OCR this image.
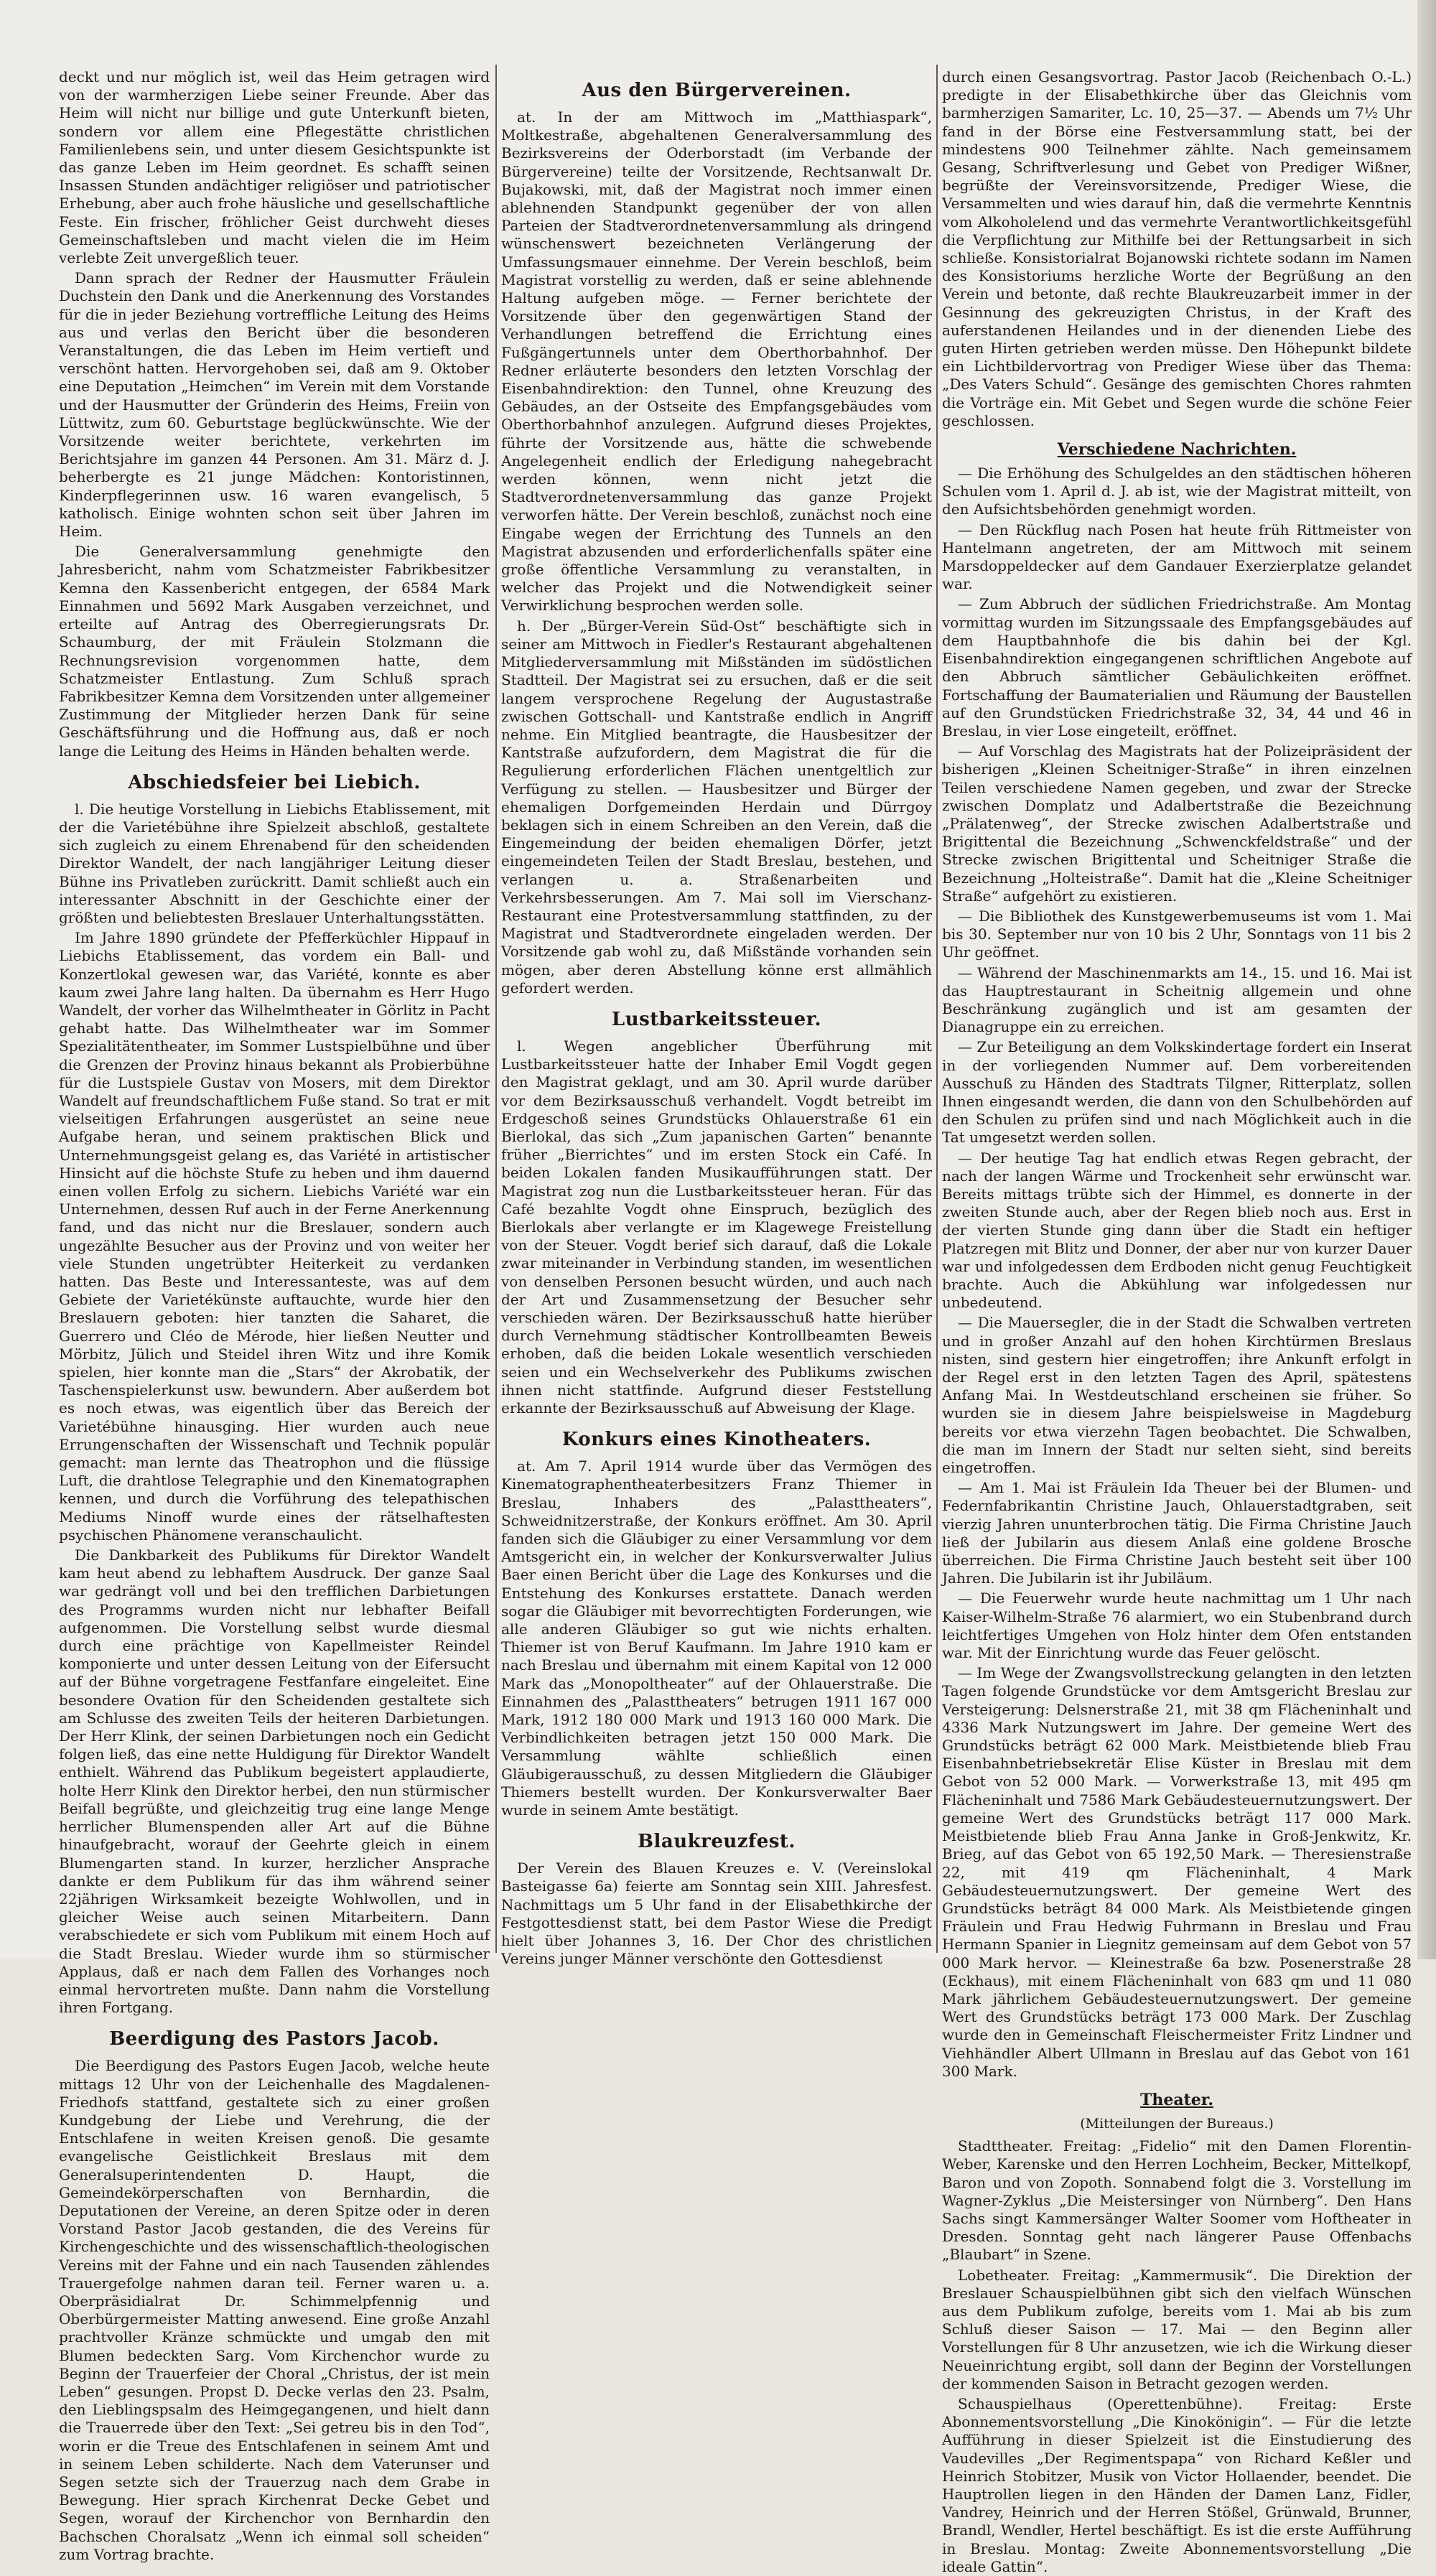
deckt und nur möglich ist, weil das Heim getragen wird von der warmherzigen Liebe seiner Freunde. Aber das Heim will nicht nur billige und gute Unterkunft bieten, sondern vor allem eine Pflegestätte christlichen Familienlebens sein, und unter diesem Gesichtspunkte ist das ganze Leben im Heim geordnet. Es schafft seinen Insassen Stunden andächtiger religiöser und patriotischer Erhebung, aber auch frohe häusliche und gesellschaftliche Feste. Ein frischer, fröhlicher Geist durchweht dieses Gemeinschaftsleben und macht vielen die im Heim verlebte Zeit unvergeßlich teuer.

Dann sprach der Redner der Hausmutter Fräulein Duchstein den Dank und die Anerkennung des Vorstandes für die in jeder Beziehung vortreffliche Leitung des Heims aus und verlas den Bericht über die besonderen Veranstaltungen, die das Leben im Heim vertieft und verschönt hatten. Hervorgehoben sei, daß am 9. Oktober eine Deputation „Heimchen“ im Verein mit dem Vorstande und der Hausmutter der Gründerin des Heims, Freiin von Lüttwitz, zum 60. Geburtstage beglückwünschte. Wie der Vorsitzende weiter berichtete, verkehrten im Berichtsjahre im ganzen 44 Personen. Am 31. März d. J. beherbergte es 21 junge Mädchen: Kontoristinnen, Kinderpflegerinnen usw. 16 waren evangelisch, 5 katholisch. Einige wohnten schon seit über Jahren im Heim.

Die Generalversammlung genehmigte den Jahresbericht, nahm vom Schatzmeister Fabrikbesitzer Kemna den Kassenbericht entgegen, der 6584 Mark Einnahmen und 5692 Mark Ausgaben verzeichnet, und erteilte auf Antrag des Oberregierungsrats Dr. Schaumburg, der mit Fräulein Stolzmann die Rechnungsrevision vorgenommen hatte, dem Schatzmeister Entlastung. Zum Schluß sprach Fabrikbesitzer Kemna dem Vorsitzenden unter allgemeiner Zustimmung der Mitglieder herzen Dank für seine Geschäftsführung und die Hoffnung aus, daß er noch lange die Leitung des Heims in Händen behalten werde.

Abschiedsfeier bei Liebich.

l. Die heutige Vorstellung in Liebichs Etablissement, mit der die Varietébühne ihre Spielzeit abschloß, gestaltete sich zugleich zu einem Ehrenabend für den scheidenden Direktor Wandelt, der nach langjähriger Leitung dieser Bühne ins Privatleben zurückritt. Damit schließt auch ein interessanter Abschnitt in der Geschichte einer der größten und beliebtesten Breslauer Unterhaltungsstätten.

Im Jahre 1890 gründete der Pfefferküchler Hippauf in Liebichs Etablissement, das vordem ein Ball- und Konzertlokal gewesen war, das Variété, konnte es aber kaum zwei Jahre lang halten. Da übernahm es Herr Hugo Wandelt, der vorher das Wilhelmtheater in Görlitz in Pacht gehabt hatte. Das Wilhelmtheater war im Sommer Spezialitätentheater, im Sommer Lustspielbühne und über die Grenzen der Provinz hinaus bekannt als Probierbühne für die Lustspiele Gustav von Mosers, mit dem Direktor Wandelt auf freundschaftlichem Fuße stand. So trat er mit vielseitigen Erfahrungen ausgerüstet an seine neue Aufgabe heran, und seinem praktischen Blick und Unternehmungsgeist gelang es, das Variété in artistischer Hinsicht auf die höchste Stufe zu heben und ihm dauernd einen vollen Erfolg zu sichern. Liebichs Variété war ein Unternehmen, dessen Ruf auch in der Ferne Anerkennung fand, und das nicht nur die Breslauer, sondern auch ungezählte Besucher aus der Provinz und von weiter her viele Stunden ungetrübter Heiterkeit zu verdanken hatten. Das Beste und Interessanteste, was auf dem Gebiete der Varietékünste auftauchte, wurde hier den Breslauern geboten: hier tanzten die Saharet, die Guerrero und Cléo de Mérode, hier ließen Neutter und Mörbitz, Jülich und Steidel ihren Witz und ihre Komik spielen, hier konnte man die „Stars“ der Akrobatik, der Taschenspielerkunst usw. bewundern. Aber außerdem bot es noch etwas, was eigentlich über das Bereich der Varietébühne hinausging. Hier wurden auch neue Errungenschaften der Wissenschaft und Technik populär gemacht: man lernte das Theatrophon und die flüssige Luft, die drahtlose Telegraphie und den Kinematographen kennen, und durch die Vorführung des telepathischen Mediums Ninoff wurde eines der rätselhaftesten psychischen Phänomene veranschaulicht.

Die Dankbarkeit des Publikums für Direktor Wandelt kam heut abend zu lebhaftem Ausdruck. Der ganze Saal war gedrängt voll und bei den trefflichen Darbietungen des Programms wurden nicht nur lebhafter Beifall aufgenommen. Die Vorstellung selbst wurde diesmal durch eine prächtige von Kapellmeister Reindel komponierte und unter dessen Leitung von der Eifersucht auf der Bühne vorgetragene Festfanfare eingeleitet. Eine besondere Ovation für den Scheidenden gestaltete sich am Schlusse des zweiten Teils der heiteren Darbietungen. Der Herr Klink, der seinen Darbietungen noch ein Gedicht folgen ließ, das eine nette Huldigung für Direktor Wandelt enthielt. Während das Publikum begeistert applaudierte, holte Herr Klink den Direktor herbei, den nun stürmischer Beifall begrüßte, und gleichzeitig trug eine lange Menge herrlicher Blumenspenden aller Art auf die Bühne hinaufgebracht, worauf der Geehrte gleich in einem Blumengarten stand. In kurzer, herzlicher Ansprache dankte er dem Publikum für das ihm während seiner 22jährigen Wirksamkeit bezeigte Wohlwollen, und in gleicher Weise auch seinen Mitarbeitern. Dann verabschiedete er sich vom Publikum mit einem Hoch auf die Stadt Breslau. Wieder wurde ihm so stürmischer Applaus, daß er nach dem Fallen des Vorhanges noch einmal hervortreten mußte. Dann nahm die Vorstellung ihren Fortgang.

Beerdigung des Pastors Jacob.

Die Beerdigung des Pastors Eugen Jacob, welche heute mittags 12 Uhr von der Leichenhalle des Magdalenen-Friedhofs stattfand, gestaltete sich zu einer großen Kundgebung der Liebe und Verehrung, die der Entschlafene in weiten Kreisen genoß. Die gesamte evangelische Geistlichkeit Breslaus mit dem Generalsuperintendenten D. Haupt, die Gemeindekörperschaften von Bernhardin, die Deputationen der Vereine, an deren Spitze oder in deren Vorstand Pastor Jacob gestanden, die des Vereins für Kirchengeschichte und des wissenschaftlich-theologischen Vereins mit der Fahne und ein nach Tausenden zählendes Trauergefolge nahmen daran teil. Ferner waren u. a. Oberpräsidialrat Dr. Schimmelpfennig und Oberbürgermeister Matting anwesend. Eine große Anzahl prachtvoller Kränze schmückte und umgab den mit Blumen bedeckten Sarg. Vom Kirchenchor wurde zu Beginn der Trauerfeier der Choral „Christus, der ist mein Leben“ gesungen. Propst D. Decke verlas den 23. Psalm, den Lieblingspsalm des Heimgegangenen, und hielt dann die Trauerrede über den Text: „Sei getreu bis in den Tod“, worin er die Treue des Entschlafenen in seinem Amt und in seinem Leben schilderte. Nach dem Vaterunser und Segen setzte sich der Trauerzug nach dem Grabe in Bewegung. Hier sprach Kirchenrat Decke Gebet und Segen, worauf der Kirchenchor von Bernhardin den Bachschen Choralsatz „Wenn ich einmal soll scheiden“ zum Vortrag brachte.

Aus den Bürgervereinen.

at. In der am Mittwoch im „Matthiaspark“, Moltkestraße, abgehaltenen Generalversammlung des Bezirksvereins der Oderborstadt (im Verbande der Bürgervereine) teilte der Vorsitzende, Rechtsanwalt Dr. Bujakowski, mit, daß der Magistrat noch immer einen ablehnenden Standpunkt gegenüber der von allen Parteien der Stadtverordnetenversammlung als dringend wünschenswert bezeichneten Verlängerung der Umfassungsmauer einnehme. Der Verein beschloß, beim Magistrat vorstellig zu werden, daß er seine ablehnende Haltung aufgeben möge. — Ferner berichtete der Vorsitzende über den gegenwärtigen Stand der Verhandlungen betreffend die Errichtung eines Fußgängertunnels unter dem Oberthorbahnhof. Der Redner erläuterte besonders den letzten Vorschlag der Eisenbahndirektion: den Tunnel, ohne Kreuzung des Gebäudes, an der Ostseite des Empfangsgebäudes vom Oberthorbahnhof anzulegen. Aufgrund dieses Projektes, führte der Vorsitzende aus, hätte die schwebende Angelegenheit endlich der Erledigung nahegebracht werden können, wenn nicht jetzt die Stadtverordnetenversammlung das ganze Projekt verworfen hätte. Der Verein beschloß, zunächst noch eine Eingabe wegen der Errichtung des Tunnels an den Magistrat abzusenden und erforderlichenfalls später eine große öffentliche Versammlung zu veranstalten, in welcher das Projekt und die Notwendigkeit seiner Verwirklichung besprochen werden solle.

h. Der „Bürger-Verein Süd-Ost“ beschäftigte sich in seiner am Mittwoch in Fiedler's Restaurant abgehaltenen Mitgliederversammlung mit Mißständen im südöstlichen Stadtteil. Der Magistrat sei zu ersuchen, daß er die seit langem versprochene Regelung der Augustastraße zwischen Gottschall- und Kantstraße endlich in Angriff nehme. Ein Mitglied beantragte, die Hausbesitzer der Kantstraße aufzufordern, dem Magistrat die für die Regulierung erforderlichen Flächen unentgeltlich zur Verfügung zu stellen. — Hausbesitzer und Bürger der ehemaligen Dorfgemeinden Herdain und Dürrgoy beklagen sich in einem Schreiben an den Verein, daß die Eingemeindung der beiden ehemaligen Dörfer, jetzt eingemeindeten Teilen der Stadt Breslau, bestehen, und verlangen u. a. Straßenarbeiten und Verkehrsbesserungen. Am 7. Mai soll im Vierschanz-Restaurant eine Protestversammlung stattfinden, zu der Magistrat und Stadtverordnete eingeladen werden. Der Vorsitzende gab wohl zu, daß Mißstände vorhanden sein mögen, aber deren Abstellung könne erst allmählich gefordert werden.

Lustbarkeitssteuer.

l. Wegen angeblicher Überführung mit Lustbarkeitssteuer hatte der Inhaber Emil Vogdt gegen den Magistrat geklagt, und am 30. April wurde darüber vor dem Bezirksausschuß verhandelt. Vogdt betreibt im Erdgeschoß seines Grundstücks Ohlauerstraße 61 ein Bierlokal, das sich „Zum japanischen Garten“ benannte früher „Bierrichtes“ und im ersten Stock ein Café. In beiden Lokalen fanden Musikaufführungen statt. Der Magistrat zog nun die Lustbarkeitssteuer heran. Für das Café bezahlte Vogdt ohne Einspruch, bezüglich des Bierlokals aber verlangte er im Klagewege Freistellung von der Steuer. Vogdt berief sich darauf, daß die Lokale zwar miteinander in Verbindung standen, im wesentlichen von denselben Personen besucht würden, und auch nach der Art und Zusammensetzung der Besucher sehr verschieden wären. Der Bezirksausschuß hatte hierüber durch Vernehmung städtischer Kontrollbeamten Beweis erhoben, daß die beiden Lokale wesentlich verschieden seien und ein Wechselverkehr des Publikums zwischen ihnen nicht stattfinde. Aufgrund dieser Feststellung erkannte der Bezirksausschuß auf Abweisung der Klage.

Konkurs eines Kinotheaters.

at. Am 7. April 1914 wurde über das Vermögen des Kinematographentheaterbesitzers Franz Thiemer in Breslau, Inhabers des „Palasttheaters“, Schweidnitzerstraße, der Konkurs eröffnet. Am 30. April fanden sich die Gläubiger zu einer Versammlung vor dem Amtsgericht ein, in welcher der Konkursverwalter Julius Baer einen Bericht über die Lage des Konkurses und die Entstehung des Konkurses erstattete. Danach werden sogar die Gläubiger mit bevorrechtigten Forderungen, wie alle anderen Gläubiger so gut wie nichts erhalten. Thiemer ist von Beruf Kaufmann. Im Jahre 1910 kam er nach Breslau und übernahm mit einem Kapital von 12 000 Mark das „Monopoltheater“ auf der Ohlauerstraße. Die Einnahmen des „Palasttheaters“ betrugen 1911 167 000 Mark, 1912 180 000 Mark und 1913 160 000 Mark. Die Verbindlichkeiten betragen jetzt 150 000 Mark. Die Versammlung wählte schließlich einen Gläubigerausschuß, zu dessen Mitgliedern die Gläubiger Thiemers bestellt wurden. Der Konkursverwalter Baer wurde in seinem Amte bestätigt.

Blaukreuzfest.

Der Verein des Blauen Kreuzes e. V. (Vereinslokal Basteigasse 6a) feierte am Sonntag sein XIII. Jahresfest. Nachmittags um 5 Uhr fand in der Elisabethkirche der Festgottesdienst statt, bei dem Pastor Wiese die Predigt hielt über Johannes 3, 16. Der Chor des christlichen Vereins junger Männer verschönte den Gottesdienst

durch einen Gesangsvortrag. Pastor Jacob (Reichenbach O.-L.) predigte in der Elisabethkirche über das Gleichnis vom barmherzigen Samariter, Lc. 10, 25—37. — Abends um 7½ Uhr fand in der Börse eine Festversammlung statt, bei der mindestens 900 Teilnehmer zählte. Nach gemeinsamem Gesang, Schriftverlesung und Gebet von Prediger Wißner, begrüßte der Vereinsvorsitzende, Prediger Wiese, die Versammelten und wies darauf hin, daß die vermehrte Kenntnis vom Alkoholelend und das vermehrte Verantwortlichkeitsgefühl die Verpflichtung zur Mithilfe bei der Rettungsarbeit in sich schließe. Konsistorialrat Bojanowski richtete sodann im Namen des Konsistoriums herzliche Worte der Begrüßung an den Verein und betonte, daß rechte Blaukreuzarbeit immer in der Gesinnung des gekreuzigten Christus, in der Kraft des auferstandenen Heilandes und in der dienenden Liebe des guten Hirten getrieben werden müsse. Den Höhepunkt bildete ein Lichtbildervortrag von Prediger Wiese über das Thema: „Des Vaters Schuld“. Gesänge des gemischten Chores rahmten die Vorträge ein. Mit Gebet und Segen wurde die schöne Feier geschlossen.

Verschiedene Nachrichten.

— Die Erhöhung des Schulgeldes an den städtischen höheren Schulen vom 1. April d. J. ab ist, wie der Magistrat mitteilt, von den Aufsichtsbehörden genehmigt worden.

— Den Rückflug nach Posen hat heute früh Rittmeister von Hantelmann angetreten, der am Mittwoch mit seinem Marsdoppeldecker auf dem Gandauer Exerzierplatze gelandet war.

— Zum Abbruch der südlichen Friedrichstraße. Am Montag vormittag wurden im Sitzungssaale des Empfangsgebäudes auf dem Hauptbahnhofe die bis dahin bei der Kgl. Eisenbahndirektion eingegangenen schriftlichen Angebote auf den Abbruch sämtlicher Gebäulichkeiten eröffnet. Fortschaffung der Baumaterialien und Räumung der Baustellen auf den Grundstücken Friedrichstraße 32, 34, 44 und 46 in Breslau, in vier Lose eingeteilt, eröffnet.

— Auf Vorschlag des Magistrats hat der Polizeipräsident der bisherigen „Kleinen Scheitniger-Straße“ in ihren einzelnen Teilen verschiedene Namen gegeben, und zwar der Strecke zwischen Domplatz und Adalbertstraße die Bezeichnung „Prälatenweg“, der Strecke zwischen Adalbertstraße und Brigittental die Bezeichnung „Schwenckfeldstraße“ und der Strecke zwischen Brigittental und Scheitniger Straße die Bezeichnung „Holteistraße“. Damit hat die „Kleine Scheitniger Straße“ aufgehört zu existieren.

— Die Bibliothek des Kunstgewerbemuseums ist vom 1. Mai bis 30. September nur von 10 bis 2 Uhr, Sonntags von 11 bis 2 Uhr geöffnet.

— Während der Maschinenmarkts am 14., 15. und 16. Mai ist das Hauptrestaurant in Scheitnig allgemein und ohne Beschränkung zugänglich und ist am gesamten der Dianagruppe ein zu erreichen.

— Zur Beteiligung an dem Volkskindertage fordert ein Inserat in der vorliegenden Nummer auf. Dem vorbereitenden Ausschuß zu Händen des Stadtrats Tilgner, Ritterplatz, sollen Ihnen eingesandt werden, die dann von den Schulbehörden auf den Schulen zu prüfen sind und nach Möglichkeit auch in die Tat umgesetzt werden sollen.

— Der heutige Tag hat endlich etwas Regen gebracht, der nach der langen Wärme und Trockenheit sehr erwünscht war. Bereits mittags trübte sich der Himmel, es donnerte in der zweiten Stunde auch, aber der Regen blieb noch aus. Erst in der vierten Stunde ging dann über die Stadt ein heftiger Platzregen mit Blitz und Donner, der aber nur von kurzer Dauer war und infolgedessen dem Erdboden nicht genug Feuchtigkeit brachte. Auch die Abkühlung war infolgedessen nur unbedeutend.

— Die Mauersegler, die in der Stadt die Schwalben vertreten und in großer Anzahl auf den hohen Kirchtürmen Breslaus nisten, sind gestern hier eingetroffen; ihre Ankunft erfolgt in der Regel erst in den letzten Tagen des April, spätestens Anfang Mai. In Westdeutschland erscheinen sie früher. So wurden sie in diesem Jahre beispielsweise in Magdeburg bereits vor etwa vierzehn Tagen beobachtet. Die Schwalben, die man im Innern der Stadt nur selten sieht, sind bereits eingetroffen.

— Am 1. Mai ist Fräulein Ida Theuer bei der Blumen- und Federnfabrikantin Christine Jauch, Ohlauerstadtgraben, seit vierzig Jahren ununterbrochen tätig. Die Firma Christine Jauch ließ der Jubilarin aus diesem Anlaß eine goldene Brosche überreichen. Die Firma Christine Jauch besteht seit über 100 Jahren. Die Jubilarin ist ihr Jubiläum.

— Die Feuerwehr wurde heute nachmittag um 1 Uhr nach Kaiser-Wilhelm-Straße 76 alarmiert, wo ein Stubenbrand durch leichtfertiges Umgehen von Holz hinter dem Ofen entstanden war. Mit der Einrichtung wurde das Feuer gelöscht.

— Im Wege der Zwangsvollstreckung gelangten in den letzten Tagen folgende Grundstücke vor dem Amtsgericht Breslau zur Versteigerung: Delsnerstraße 21, mit 38 qm Flächeninhalt und 4336 Mark Nutzungswert im Jahre. Der gemeine Wert des Grundstücks beträgt 62 000 Mark. Meistbietende blieb Frau Eisenbahnbetriebsekretär Elise Küster in Breslau mit dem Gebot von 52 000 Mark. — Vorwerkstraße 13, mit 495 qm Flächeninhalt und 7586 Mark Gebäudesteuernutzungswert. Der gemeine Wert des Grundstücks beträgt 117 000 Mark. Meistbietende blieb Frau Anna Janke in Groß-Jenkwitz, Kr. Brieg, auf das Gebot von 65 192,50 Mark. — Theresienstraße 22, mit 419 qm Flächeninhalt, 4 Mark Gebäudesteuernutzungswert. Der gemeine Wert des Grundstücks beträgt 84 000 Mark. Als Meistbietende gingen Fräulein und Frau Hedwig Fuhrmann in Breslau und Frau Hermann Spanier in Liegnitz gemeinsam auf dem Gebot von 57 000 Mark hervor. — Kleinestraße 6a bzw. Posenerstraße 28 (Eckhaus), mit einem Flächeninhalt von 683 qm und 11 080 Mark jährlichem Gebäudesteuernutzungswert. Der gemeine Wert des Grundstücks beträgt 173 000 Mark. Der Zuschlag wurde den in Gemeinschaft Fleischermeister Fritz Lindner und Viehhändler Albert Ullmann in Breslau auf das Gebot von 161 300 Mark.

Theater.
(Mitteilungen der Bureaus.)

Stadttheater. Freitag: „Fidelio“ mit den Damen Florentin-Weber, Karenske und den Herren Lochheim, Becker, Mittelkopf, Baron und von Zopoth. Sonnabend folgt die 3. Vorstellung im Wagner-Zyklus „Die Meistersinger von Nürnberg“. Den Hans Sachs singt Kammersänger Walter Soomer vom Hoftheater in Dresden. Sonntag geht nach längerer Pause Offenbachs „Blaubart“ in Szene.

Lobetheater. Freitag: „Kammermusik“. Die Direktion der Breslauer Schauspielbühnen gibt sich den vielfach Wünschen aus dem Publikum zufolge, bereits vom 1. Mai ab bis zum Schluß dieser Saison — 17. Mai — den Beginn aller Vorstellungen für 8 Uhr anzusetzen, wie ich die Wirkung dieser Neueinrichtung ergibt, soll dann der Beginn der Vorstellungen der kommenden Saison in Betracht gezogen werden.

Schauspielhaus (Operettenbühne). Freitag: Erste Abonnementsvorstellung „Die Kinokönigin“. — Für die letzte Aufführung in dieser Spielzeit ist die Einstudierung des Vaudevilles „Der Regimentspapa“ von Richard Keßler und Heinrich Stobitzer, Musik von Victor Hollaender, beendet. Die Hauptrollen liegen in den Händen der Damen Lanz, Fidler, Vandrey, Heinrich und der Herren Stößel, Grünwald, Brunner, Brandl, Wendler, Hertel beschäftigt. Es ist die erste Aufführung in Breslau. Montag: Zweite Abonnementsvorstellung „Die ideale Gattin“.
